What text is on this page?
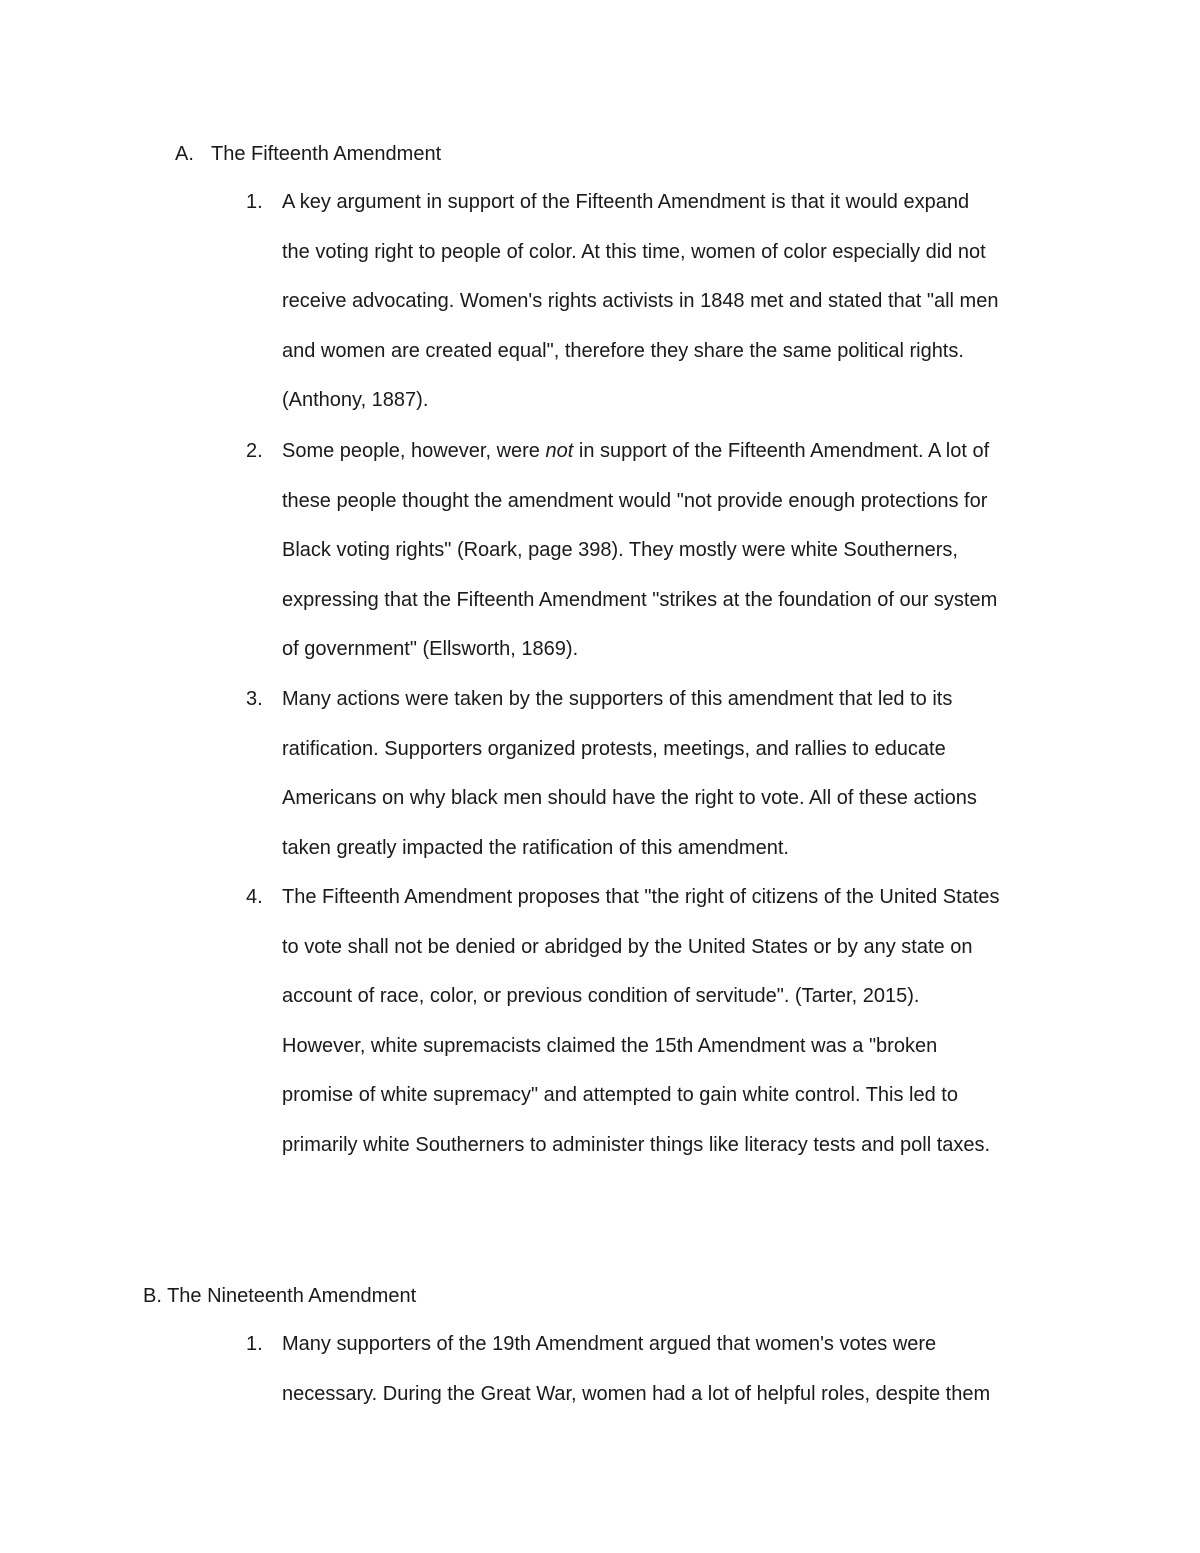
A. The Fifteenth Amendment
1. A key argument in support of the Fifteenth Amendment is that it would expand
the voting right to people of color. At this time, women of color especially did not
receive advocating. Women's rights activists in 1848 met and stated that "all men
and women are created equal", therefore they share the same political rights.
(Anthony, 1887).
2. Some people, however, were not in support of the Fifteenth Amendment. A lot of
these people thought the amendment would "not provide enough protections for
Black voting rights" (Roark, page 398). They mostly were white Southerners,
expressing that the Fifteenth Amendment "strikes at the foundation of our system
of government" (Ellsworth, 1869).
3. Many actions were taken by the supporters of this amendment that led to its
ratification. Supporters organized protests, meetings, and rallies to educate
Americans on why black men should have the right to vote. All of these actions
taken greatly impacted the ratification of this amendment.
4. The Fifteenth Amendment proposes that "the right of citizens of the United States
to vote shall not be denied or abridged by the United States or by any state on
account of race, color, or previous condition of servitude". (Tarter, 2015).
However, white supremacists claimed the 15th Amendment was a "broken
promise of white supremacy" and attempted to gain white control. This led to
primarily white Southerners to administer things like literacy tests and poll taxes.
B. The Nineteenth Amendment
1. Many supporters of the 19th Amendment argued that women's votes were
necessary. During the Great War, women had a lot of helpful roles, despite them
